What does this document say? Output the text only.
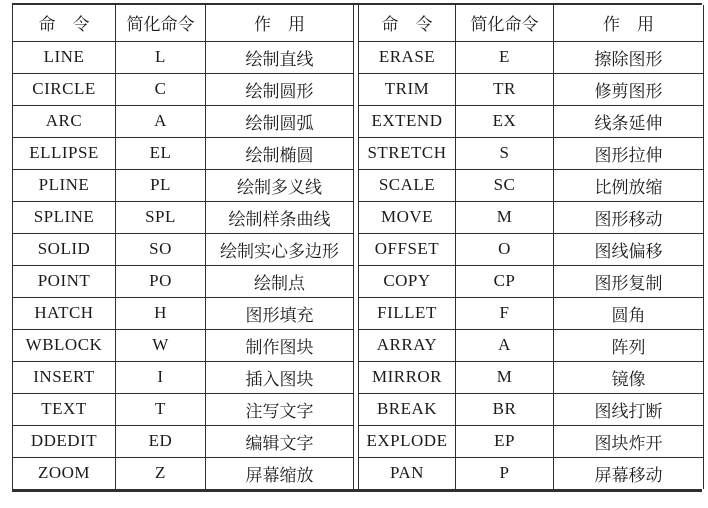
命　令	简化命令	作　用
LINE	L	绘制直线
CIRCLE	C	绘制圆形
ARC	A	绘制圆弧
ELLIPSE	EL	绘制椭圆
PLINE	PL	绘制多义线
SPLINE	SPL	绘制样条曲线
SOLID	SO	绘制实心多边形
POINT	PO	绘制点
HATCH	H	图形填充
WBLOCK	W	制作图块
INSERT	I	插入图块
TEXT	T	注写文字
DDEDIT	ED	编辑文字
ZOOM	Z	屏幕缩放
命　令	简化命令	作　用
ERASE	E	擦除图形
TRIM	TR	修剪图形
EXTEND	EX	线条延伸
STRETCH	S	图形拉伸
SCALE	SC	比例放缩
MOVE	M	图形移动
OFFSET	O	图线偏移
COPY	CP	图形复制
FILLET	F	圆角
ARRAY	A	阵列
MIRROR	M	镜像
BREAK	BR	图线打断
EXPLODE	EP	图块炸开
PAN	P	屏幕移动
